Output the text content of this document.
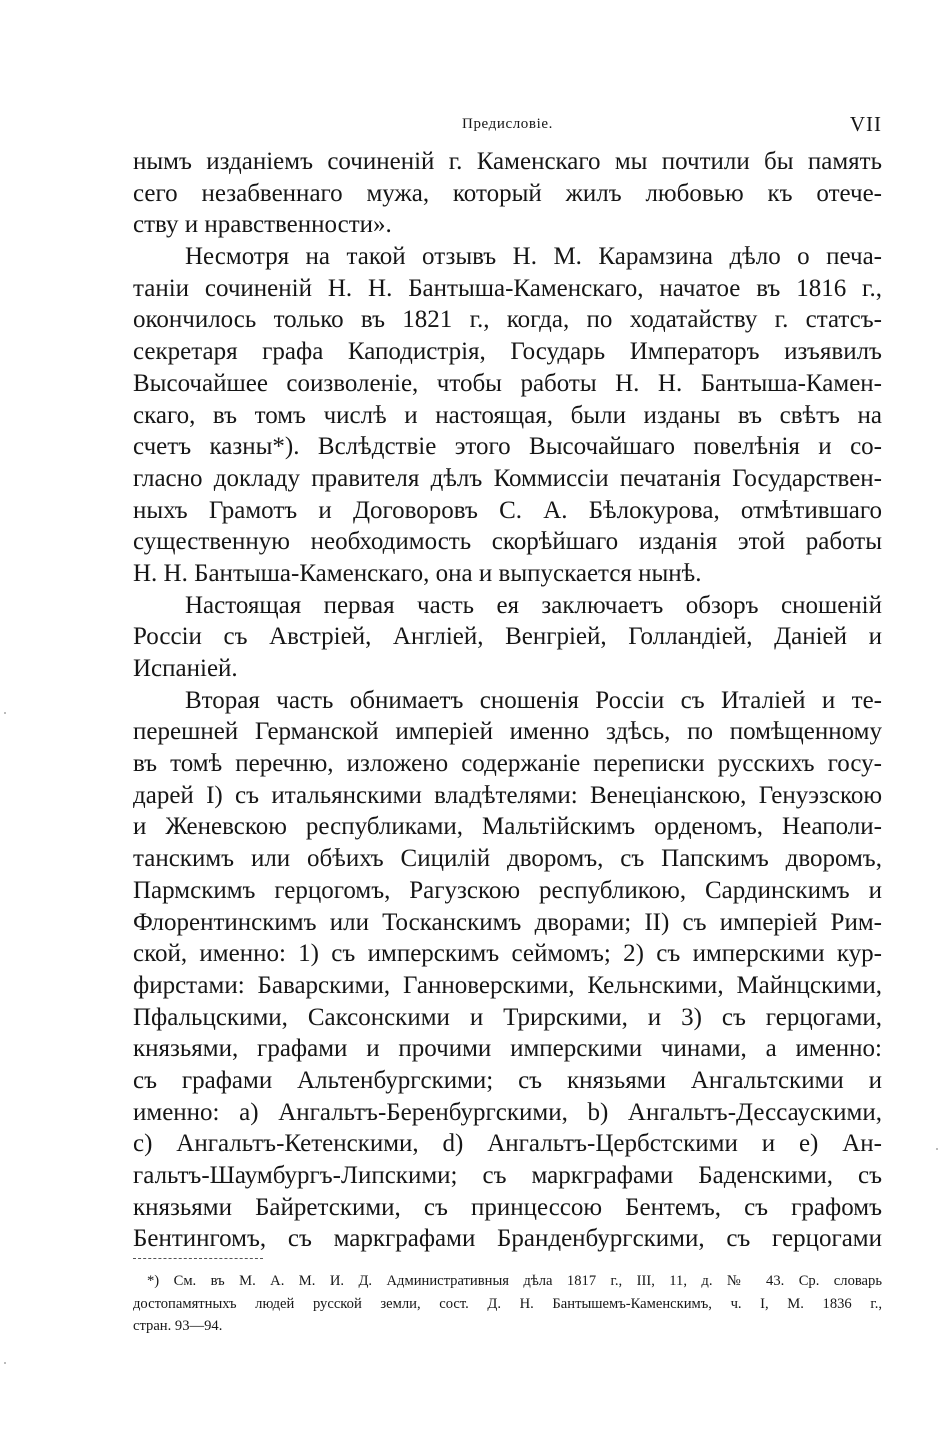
Предисловіе.	VII
нымъ изданіемъ сочиненій г. Каменскаго мы почтили бы память
сего незабвеннаго мужа, который жилъ любовью къ отече-
ству и нравственности».
Несмотря на такой отзывъ Н. М. Карамзина дѣло о печа-
таніи сочиненій Н. Н. Бантыша-Каменскаго, начатое въ 1816 г.,
окончилось только въ 1821 г., когда, по ходатайству г. статсъ-
секретаря графа Каподистрія, Государь Императоръ изъявилъ
Высочайшее соизволеніе, чтобы работы Н. Н. Бантыша-Камен-
скаго, въ томъ числѣ и настоящая, были изданы въ свѣтъ на
счетъ казны*). Вслѣдствіе этого Высочайшаго повелѣнія и со-
гласно докладу правителя дѣлъ Коммиссіи печатанія Государствен-
ныхъ Грамотъ и Договоровъ С. А. Бѣлокурова, отмѣтившаго
существенную необходимость скорѣйшаго изданія этой работы
Н. Н. Бантыша-Каменскаго, она и выпускается нынѣ.
Настоящая первая часть ея заключаетъ обзоръ сношеній
Россіи съ Австріей, Англіей, Венгріей, Голландіей, Даніей и
Испаніей.
Вторая часть обнимаетъ сношенія Россіи съ Италіей и те-
перешней Германской имперіей именно здѣсь, по помѣщенному
въ томѣ перечню, изложено содержаніе переписки русскихъ госу-
дарей I) съ итальянскими владѣтелями: Венеціанскою, Генуэзскою
и Женевскою республиками, Мальтійскимъ орденомъ, Неаполи-
танскимъ или обѣихъ Сицилій дворомъ, съ Папскимъ дворомъ,
Пармскимъ герцогомъ, Рагузскою республикою, Сардинскимъ и
Флорентинскимъ или Тосканскимъ дворами; II) съ имперіей Рим-
ской, именно: 1) съ имперскимъ сеймомъ; 2) съ имперскими кур-
фирстами: Баварскими, Ганноверскими, Кельнскими, Майнцскими,
Пфальцскими, Саксонскими и Трирскими, и 3) съ герцогами,
князьями, графами и прочими имперскими чинами, а именно:
съ графами Альтенбургскими; съ князьями Ангальтскими и
именно: а) Ангальтъ-Беренбургскими, b) Ангальтъ-Дессаускими,
c) Ангальтъ-Кетенскими, d) Ангальтъ-Цербстскими и e) Ан-
гальтъ-Шаумбургъ-Липскими; съ маркграфами Баденскими, съ
князьями Байретскими, съ принцессою Бентемъ, съ графомъ
Бентингомъ, съ маркграфами Бранденбургскими, съ герцогами
*) См. въ М. А. М. И. Д. Административныя дѣла 1817 г., III, 11, д. № 43. Ср. словарь
достопамятныхъ людей русской земли, сост. Д. Н. Бантышемъ-Каменскимъ, ч. I, М. 1836 г.,
стран. 93—94.
